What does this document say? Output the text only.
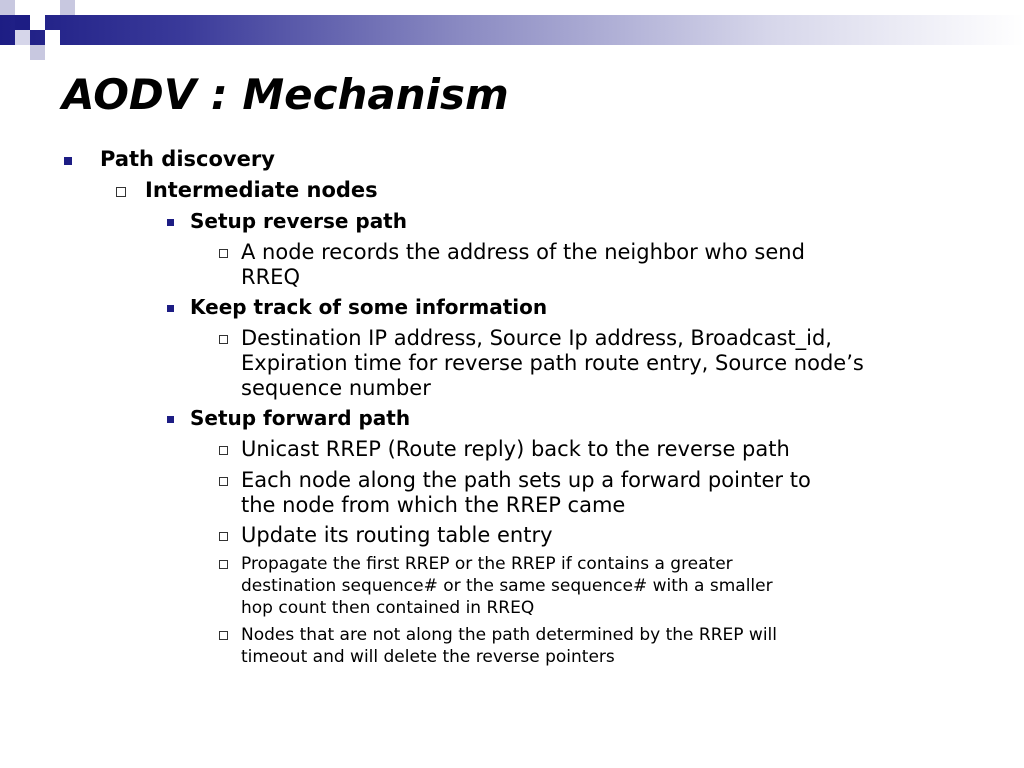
AODV : Mechanism
Path discovery
Intermediate nodes
Setup reverse path
A node records the address of the neighbor who send
RREQ
Keep track of some information
Destination IP address, Source Ip address, Broadcast_id,
Expiration time for reverse path route entry, Source node’s
sequence number
Setup forward path
Unicast RREP (Route reply) back to the reverse path
Each node along the path sets up a forward pointer to
the node from which the RREP came
Update its routing table entry
Propagate the first RREP or the RREP if contains a greater
destination sequence# or the same sequence# with a smaller
hop count then contained in RREQ
Nodes that are not along the path determined by the RREP will
timeout and will delete the reverse pointers
